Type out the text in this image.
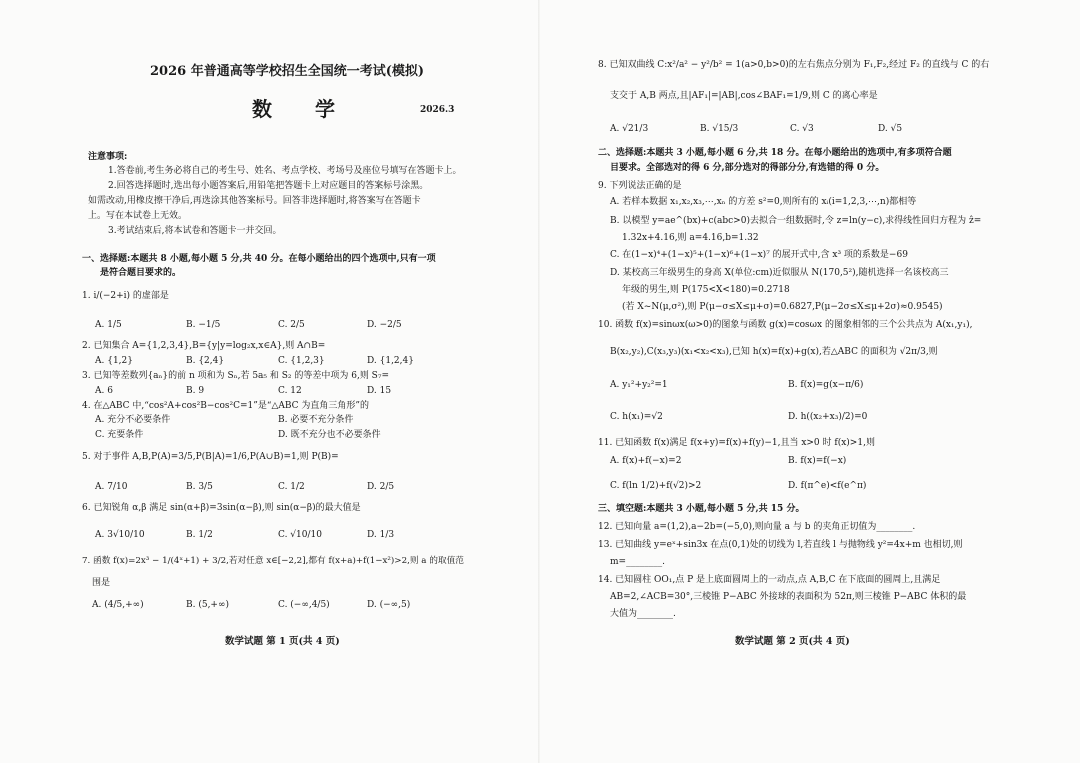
2026 年普通高等学校招生全国统一考试(模拟)
数 学	2026.3
注意事项:
1.答卷前,考生务必将自己的考生号、姓名、考点学校、考场号及座位号填写在答题卡上。
2.回答选择题时,选出每小题答案后,用铅笔把答题卡上对应题目的答案标号涂黑。
如需改动,用橡皮擦干净后,再选涂其他答案标号。回答非选择题时,将答案写在答题卡
上。写在本试卷上无效。
3.考试结束后,将本试卷和答题卡一并交回。
一、选择题:本题共 8 小题,每小题 5 分,共 40 分。在每小题给出的四个选项中,只有一项
是符合题目要求的。
1. i/(−2+i) 的虚部是
A. 1/5	B. −1/5	C. 2/5	D. −2/5
2. 已知集合 A={1,2,3,4},B={y|y=log₂x,x∈A},则 A∩B=
A. {1,2}	B. {2,4}	C. {1,2,3}	D. {1,2,4}
3. 已知等差数列{aₙ}的前 n 项和为 Sₙ,若 5a₅ 和 S₂ 的等差中项为 6,则 S₇=
A. 6	B. 9	C. 12	D. 15
4. 在△ABC 中,“cos²A+cos²B−cos²C=1”是“△ABC 为直角三角形”的
A. 充分不必要条件	B. 必要不充分条件
C. 充要条件	D. 既不充分也不必要条件
5. 对于事件 A,B,P(A)=3/5,P(B|A)=1/6,P(A∪B)=1,则 P(B)=
A. 7/10	B. 3/5	C. 1/2	D. 2/5
6. 已知锐角 α,β 满足 sin(α+β)=3sin(α−β),则 sin(α−β)的最大值是
A. 3√10/10	B. 1/2	C. √10/10	D. 1/3
7. 函数 f(x)=2x³ − 1/(4ˣ+1) + 3/2,若对任意 x∈[−2,2],都有 f(x+a)+f(1−x²)>2,则 a 的取值范
围是
A. (4/5,+∞)	B. (5,+∞)	C. (−∞,4/5)	D. (−∞,5)
数学试题 第 1 页(共 4 页)
8. 已知双曲线 C:x²/a² − y²/b² = 1(a>0,b>0)的左右焦点分别为 F₁,F₂,经过 F₂ 的直线与 C 的右
支交于 A,B 两点,且|AF₁|=|AB|,cos∠BAF₁=1/9,则 C 的离心率是
A. √21/3	B. √15/3	C. √3	D. √5
二、选择题:本题共 3 小题,每小题 6 分,共 18 分。在每小题给出的选项中,有多项符合题
目要求。全部选对的得 6 分,部分选对的得部分分,有选错的得 0 分。
9. 下列说法正确的是
A. 若样本数据 x₁,x₂,x₃,⋯,xₙ 的方差 s²=0,则所有的 xᵢ(i=1,2,3,⋯,n)都相等
B. 以模型 y=ae^(bx)+c(abc>0)去拟合一组数据时,令 z=ln(y−c),求得线性回归方程为 ẑ=
1.32x+4.16,则 a=4.16,b=1.32
C. 在(1−x)⁴+(1−x)⁵+(1−x)⁶+(1−x)⁷ 的展开式中,含 x³ 项的系数是−69
D. 某校高三年级男生的身高 X(单位:cm)近似服从 N(170,5²),随机选择一名该校高三
年级的男生,则 P(175<X<180)=0.2718
(若 X~N(μ,σ²),则 P(μ−σ≤X≤μ+σ)=0.6827,P(μ−2σ≤X≤μ+2σ)≈0.9545)
10. 函数 f(x)=sinωx(ω>0)的图象与函数 g(x)=cosωx 的图象相邻的三个公共点为 A(x₁,y₁),
B(x₂,y₂),C(x₃,y₃)(x₁<x₂<x₃),已知 h(x)=f(x)+g(x),若△ABC 的面积为 √2π/3,则
A. y₁²+y₂²=1	B. f(x)=g(x−π/6)
C. h(x₁)=√2	D. h((x₂+x₃)/2)=0
11. 已知函数 f(x)满足 f(x+y)=f(x)+f(y)−1,且当 x>0 时 f(x)>1,则
A. f(x)+f(−x)=2	B. f(x)=f(−x)
C. f(ln 1/2)+f(√2)>2	D. f(π^e)<f(e^π)
三、填空题:本题共 3 小题,每小题 5 分,共 15 分。
12. 已知向量 a=(1,2),a−2b=(−5,0),则向量 a 与 b 的夹角正切值为________.
13. 已知曲线 y=eˣ+sin3x 在点(0,1)处的切线为 l,若直线 l 与抛物线 y²=4x+m 也相切,则
m=________.
14. 已知圆柱 OO₁,点 P 是上底面圆周上的一动点,点 A,B,C 在下底面的圆周上,且满足
AB=2,∠ACB=30°,三棱锥 P−ABC 外接球的表面积为 52π,则三棱锥 P−ABC 体积的最
大值为________.
数学试题 第 2 页(共 4 页)
